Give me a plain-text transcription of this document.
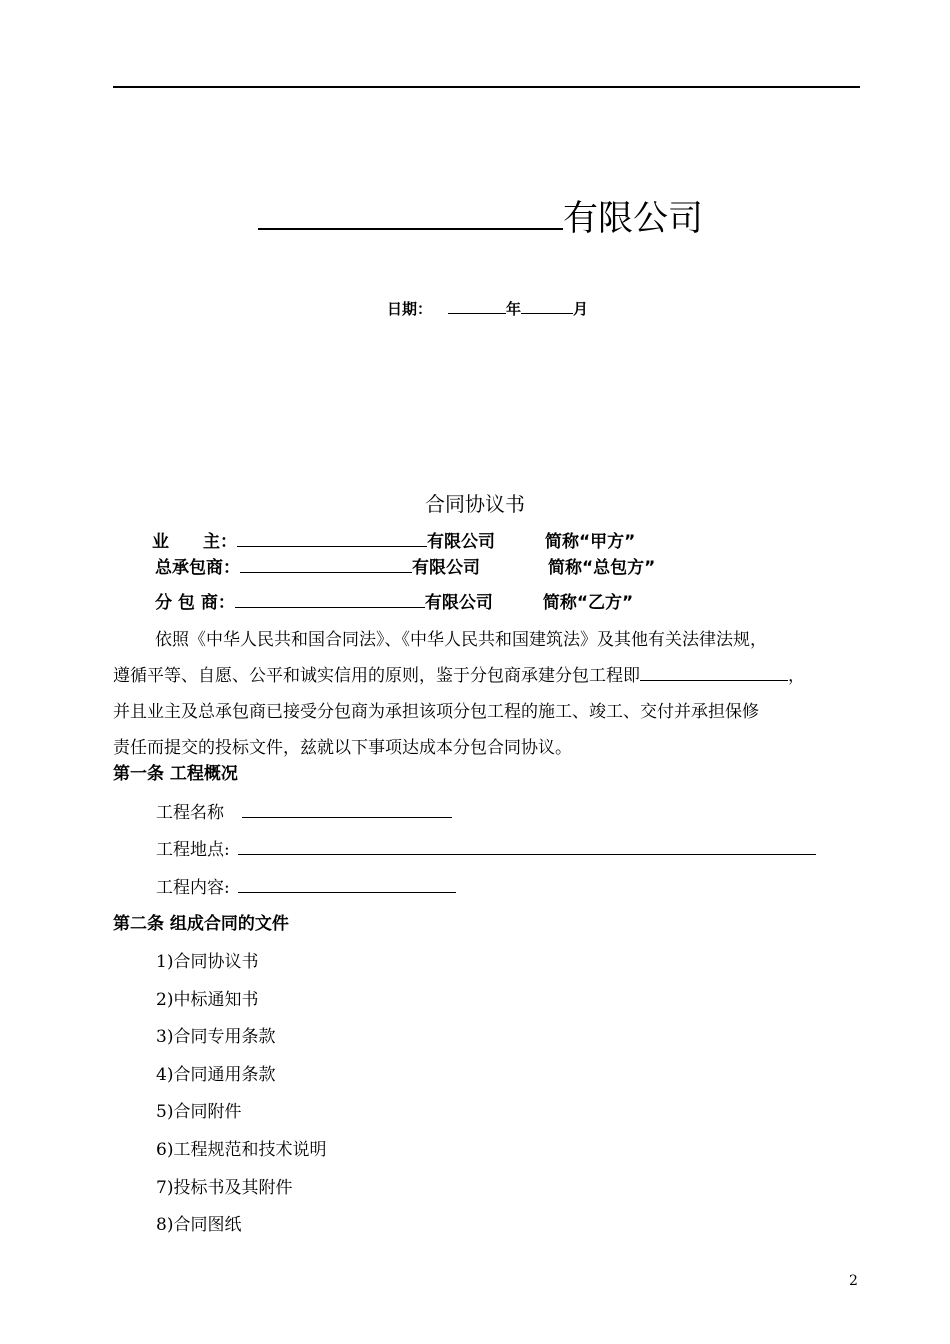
有限公司
日期：	年	月
合同协议书
业　　主：	有限公司	简称“甲方”
总承包商：	有限公司	简称“总包方”
分 包 商：	有限公司	简称“乙方”

依照《中华人民共和国合同法》、《中华人民共和国建筑法》及其他有关法律法规，

遵循平等、自愿、公平和诚实信用的原则，鉴于分包商承建分包工程即	，

并且业主及总承包商已接受分包商为承担该项分包工程的施工、竣工、交付并承担保修

责任而提交的投标文件，兹就以下事项达成本分包合同协议。

第一条 工程概况
工程名称
工程地点:
工程内容:
第二条 组成合同的文件
1)合同协议书
2)中标通知书
3)合同专用条款
4)合同通用条款
5)合同附件
6)工程规范和技术说明
7)投标书及其附件
8)合同图纸
2
